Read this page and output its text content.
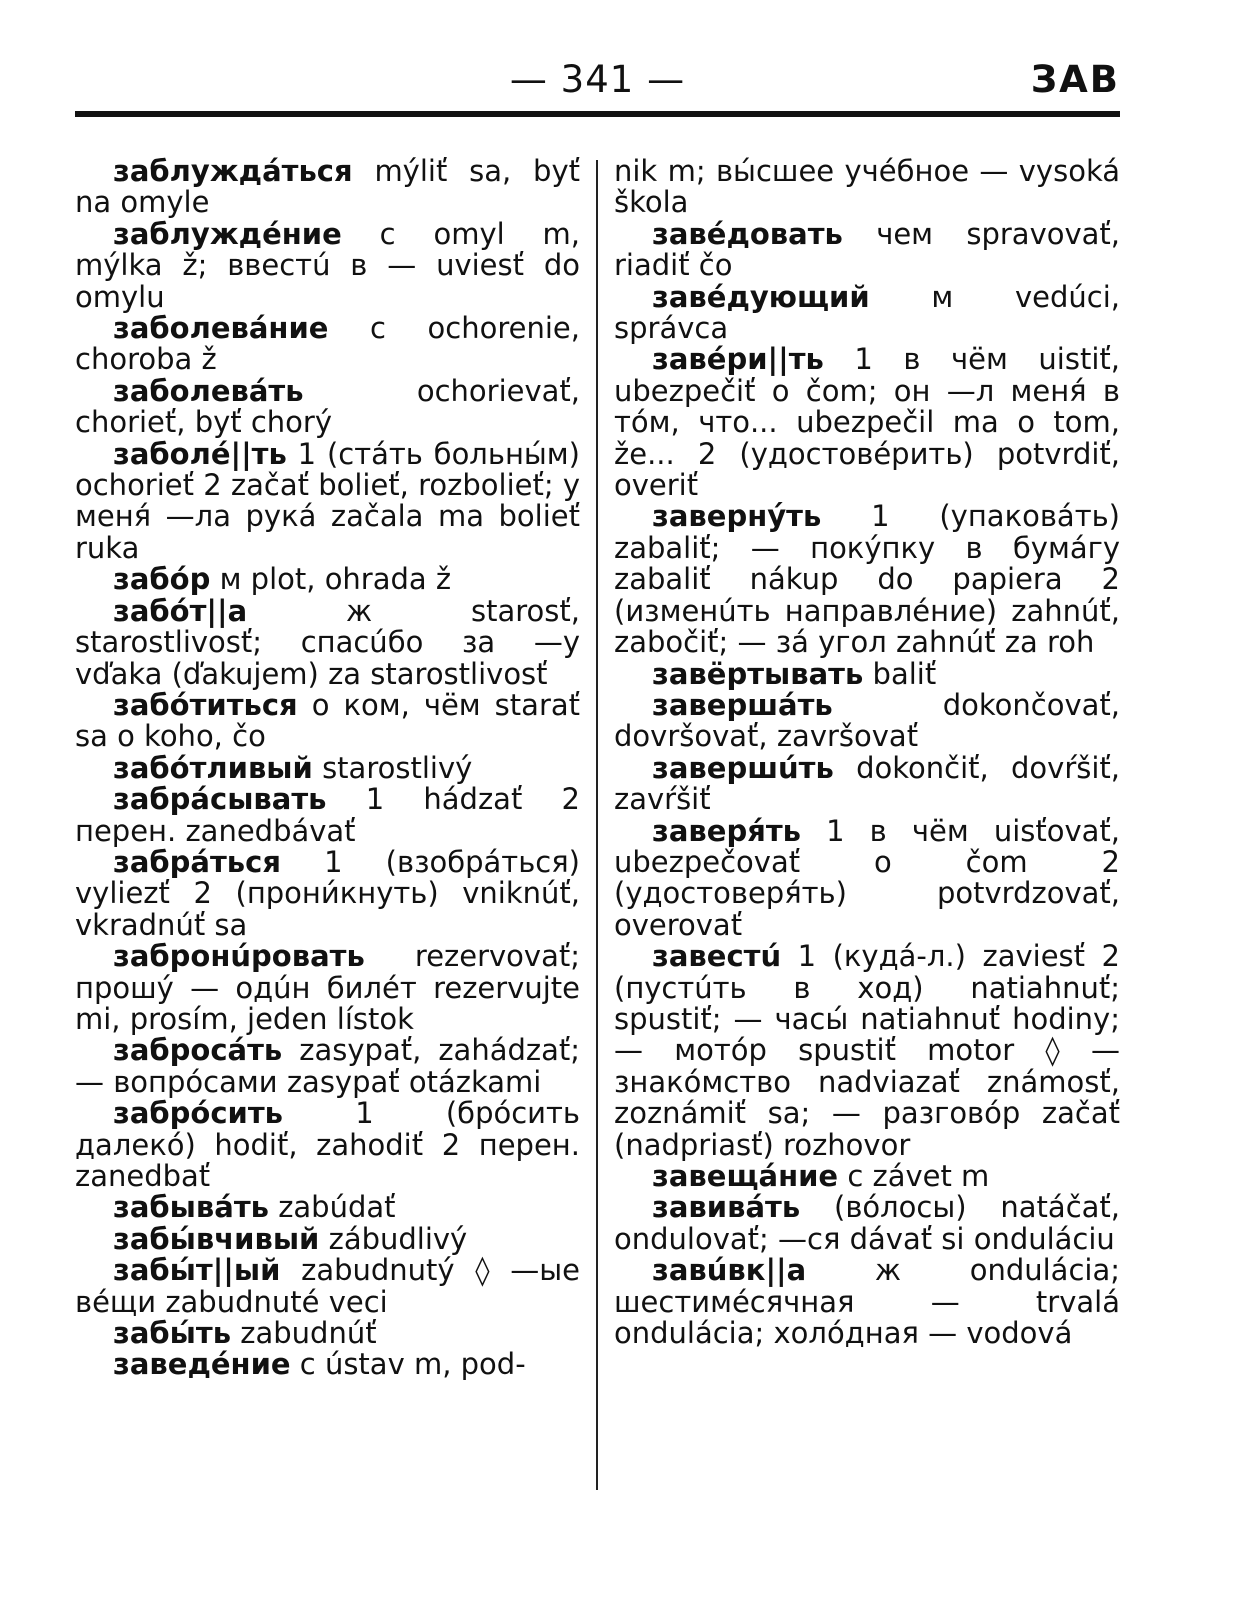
— 341 —	ЗАВ

заблуждáться mýliť sa, byť na omyle

заблуждéние с omyl m, mýlka ž; ввестú в — uviesť do omylu

заболевáние с ochorenie, choroba ž

заболевáть	ochorievať, chorieť, byť chorý

заболé||ть 1 (стáть больны́м) ochorieť 2 začať bolieť, rozbolieť; у меня́ —ла рукá začala ma bolieť ruka

забóр м plot, ohrada ž

забóт||а	ж starosť, starostlivosť; спасúбо за —у vďaka (ďakujem) za starostlivosť

забóтиться о ком, чём starať sa o koho, čo

забóтливый starostlivý

забрáсывать 1 hádzať 2 перен. zanedbávať

забрáться 1 (взобрáться) vyliezť 2 (прони́кнуть) vniknúť, vkradnúť sa

забронúровать rezervovať; прошý — одúн билéт rezervujte mi, prosím, jeden lístok

забросáть zasypať, zahádzať; — вопрóсами zasypať otázkami

забрóсить 1 (брóсить далекó) hodiť, zahodiť 2 перен. zanedbať

забывáть zabúdať

забы́вчивый zábudlivý

забы́т||ый zabudnutý ◊ —ые вéщи zabudnuté veci

забы́ть zabudnúť

заведéние с ústav m, pod-

nik m; вы́сшее учéбное — vysoká škola

завéдовать чем spravovať, riadiť čo

завéдующий м vedúci, správca

завéри||ть 1 в чём uistiť, ubezpečiť o čom; он —л меня́ в тóм, что... ubezpečil ma o tom, že... 2 (удостовéрить) potvrdiť, overiť

завернýть 1 (упаковáть) zabaliť; — покýпку в бумáгу zabaliť nákup do papiera 2 (изменúть направлéние) zahnúť, zabočiť; — зá угол zahnúť za roh

завёртывать baliť

завершáть	dokončovať, dovršovať, završovať

завершúть dokončiť, dovŕšiť, zavŕšiť

заверя́ть 1 в чём uisťovať, ubezpečovať o čom 2 (удостоверя́ть) potvrdzovať, overovať

завестú 1 (кудá-л.) zaviesť 2 (пустúть в ход) natiahnuť; spustiť; — часы́ natiahnuť hodiny; — мотóр spustiť motor ◊ — знакóмство nadviazať známosť, zoznámiť sa; — разговóр začať (nadpriasť) rozhovor

завещáние с závet m

завивáть (вóлосы) natáčať, ondulovať; —ся dávať si onduláciu

завúвк||а ж ondulácia; шестимéсячная — trvalá ondulácia; холóдная — vodová
